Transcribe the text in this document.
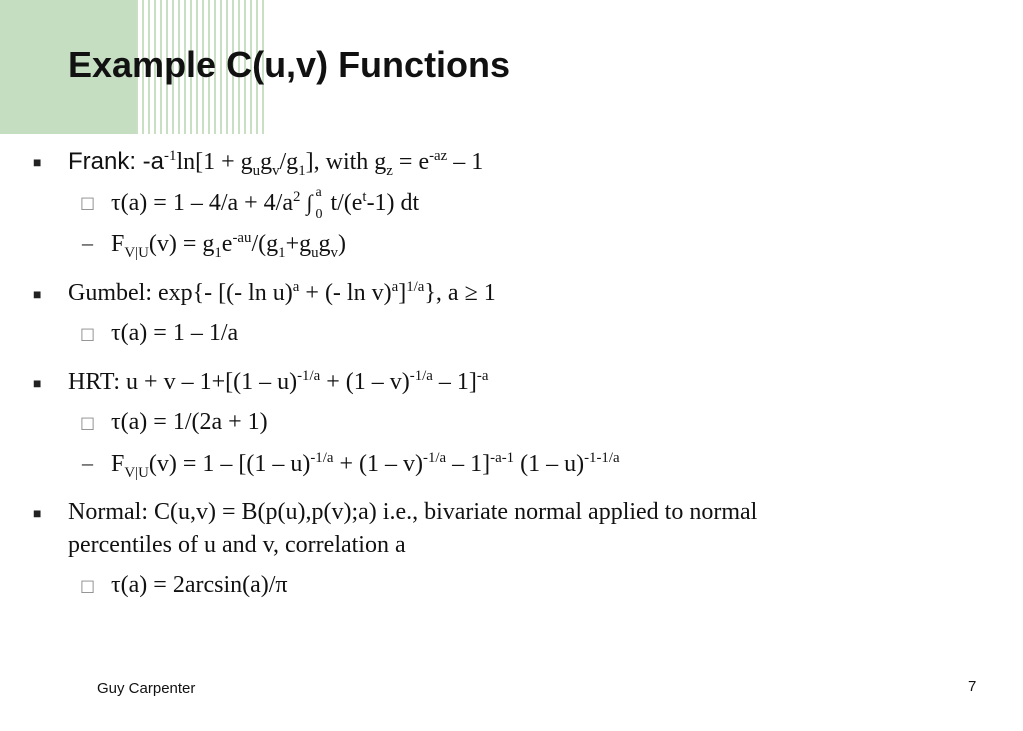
Example C(u,v) Functions
■ Frank: $-a^{-1}\ln[1 + g_ug_v/g_1]$, with $g_z = e^{-az} - 1$
□ $\tau(a) = 1 - 4/a + 4/a^2$ ∫ a
0 $t/(e^t-1)$ dt
– $F_{V|U}(v) = g_1e^{-au}/(g_1+g_ug_v)$
■ Gumbel: exp{- [(- ln u)$^a$ + (- ln v)$^a$]$^{1/a}$}, a ≥ 1
□ τ(a) = 1 – 1/a
■ HRT: $u + v - 1+[(1 - u)^{-1/a} + (1 - v)^{-1/a} - 1]^{-a}$
□ τ(a) = 1/(2a + 1)
– $F_{V|U}(v) = 1 - [(1 - u)^{-1/a} + (1 - v)^{-1/a} - 1]^{-a-1}$ (1 – u)$^{-1-1/a}$
■ Normal: C(u,v) = B(p(u),p(v);a) i.e., bivariate normal applied to normal
percentiles of u and v, correlation a
□ τ(a) = 2arcsin(a)/π
Guy Carpenter	7
